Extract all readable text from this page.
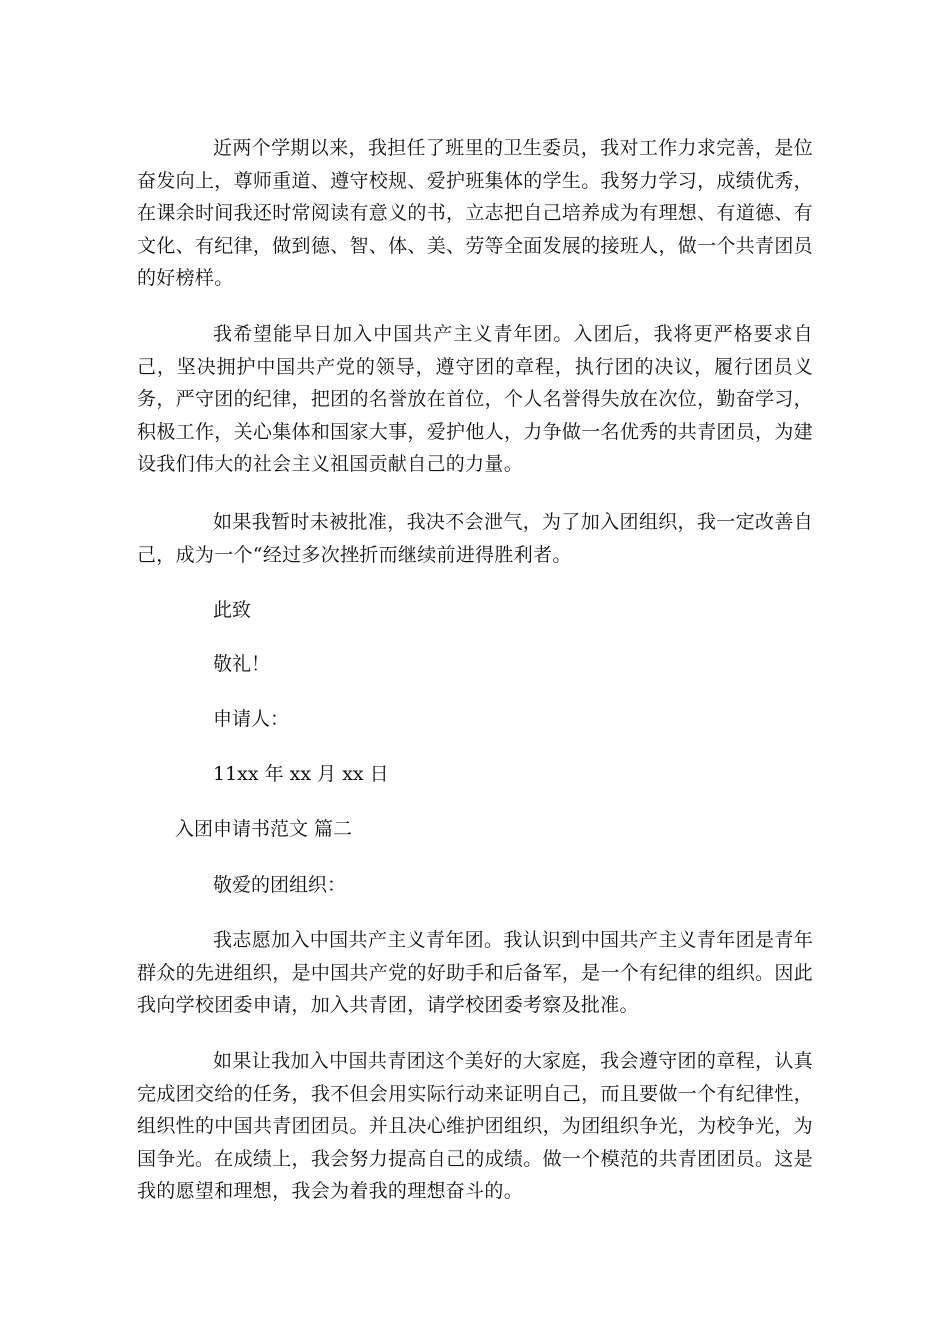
近两个学期以来，我担任了班里的卫生委员，我对工作力求完善，是位奋发向上，尊师重道、遵守校规、爱护班集体的学生。我努力学习，成绩优秀，在课余时间我还时常阅读有意义的书，立志把自己培养成为有理想、有道德、有文化、有纪律，做到德、智、体、美、劳等全面发展的接班人，做一个共青团员的好榜样。

我希望能早日加入中国共产主义青年团。入团后，我将更严格要求自己，坚决拥护中国共产党的领导，遵守团的章程，执行团的决议，履行团员义务，严守团的纪律，把团的名誉放在首位，个人名誉得失放在次位，勤奋学习，积极工作，关心集体和国家大事，爱护他人，力争做一名优秀的共青团员，为建设我们伟大的社会主义祖国贡献自己的力量。

如果我暂时未被批准，我决不会泄气，为了加入团组织，我一定改善自己，成为一个“经过多次挫折而继续前进得胜利者。

此致

敬礼！

申请人：

11xx 年 xx 月 xx 日

入团申请书范文 篇二

敬爱的团组织：

我志愿加入中国共产主义青年团。我认识到中国共产主义青年团是青年群众的先进组织，是中国共产党的好助手和后备军，是一个有纪律的组织。因此我向学校团委申请，加入共青团，请学校团委考察及批准。

如果让我加入中国共青团这个美好的大家庭，我会遵守团的章程，认真完成团交给的任务，我不但会用实际行动来证明自己，而且要做一个有纪律性，组织性的中国共青团团员。并且决心维护团组织，为团组织争光，为校争光，为国争光。在成绩上，我会努力提高自己的成绩。做一个模范的共青团团员。这是我的愿望和理想，我会为着我的理想奋斗的。
